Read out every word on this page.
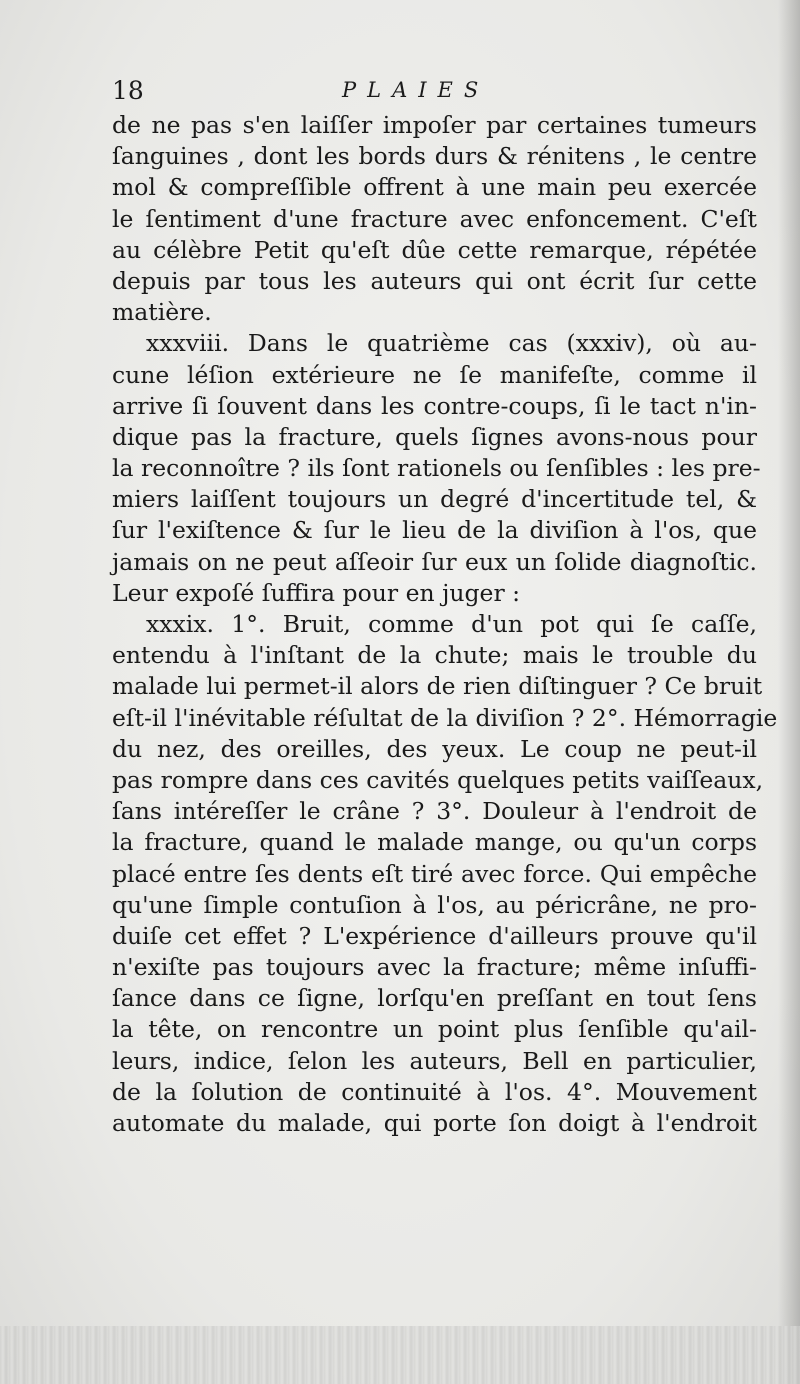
18	PLAIES
de ne pas s'en laiſſer impoſer par certaines tumeurs
ſanguines , dont les bords durs & rénitens , le centre
mol & compreſſible offrent à une main peu exercée
le ſentiment d'une fracture avec enfoncement. C'eſt
au célèbre Petit qu'eſt dûe cette remarque, répétée
depuis par tous les auteurs qui ont écrit ſur cette
matière.
xxxviii. Dans le quatrième cas (xxxiv), où au-
cune léſion extérieure ne ſe manifeſte, comme il
arrive ſi ſouvent dans les contre-coups, ſi le tact n'in-
dique pas la fracture, quels ſignes avons-nous pour
la reconnoître ? ils ſont rationels ou ſenſibles : les pre-
miers laiſſent toujours un degré d'incertitude tel, &
ſur l'exiſtence & ſur le lieu de la diviſion à l'os, que
jamais on ne peut aſſeoir ſur eux un ſolide diagnoſtic.
Leur expoſé ſuffira pour en juger :
xxxix. 1°. Bruit, comme d'un pot qui ſe caſſe,
entendu à l'inſtant de la chute; mais le trouble du
malade lui permet-il alors de rien diſtinguer ? Ce bruit
eſt-il l'inévitable réſultat de la diviſion ? 2°. Hémorragie
du nez, des oreilles, des yeux. Le coup ne peut-il
pas rompre dans ces cavités quelques petits vaiſſeaux,
ſans intéreſſer le crâne ? 3°. Douleur à l'endroit de
la fracture, quand le malade mange, ou qu'un corps
placé entre ſes dents eſt tiré avec force. Qui empêche
qu'une ſimple contuſion à l'os, au péricrâne, ne pro-
duiſe cet effet ? L'expérience d'ailleurs prouve qu'il
n'exiſte pas toujours avec la fracture; même inſuffi-
ſance dans ce ſigne, lorſqu'en preſſant en tout ſens
la tête, on rencontre un point plus ſenſible qu'ail-
leurs, indice, ſelon les auteurs, Bell en particulier,
de la ſolution de continuité à l'os. 4°. Mouvement
automate du malade, qui porte ſon doigt à l'endroit
